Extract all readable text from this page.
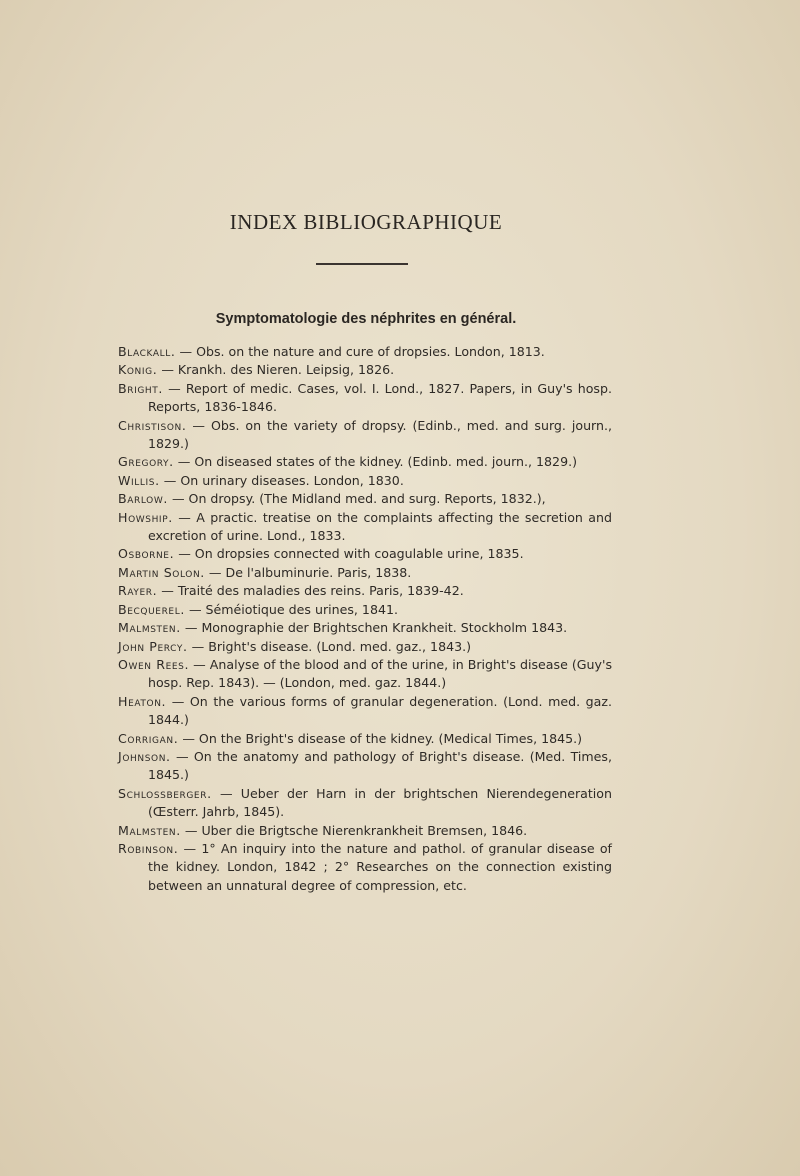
INDEX BIBLIOGRAPHIQUE
Symptomatologie des néphrites en général.
Blackall. — Obs. on the nature and cure of dropsies. London, 1813.
Konig. — Krankh. des Nieren. Leipsig, 1826.
Bright. — Report of medic. Cases, vol. I. Lond., 1827. Papers, in Guy's hosp. Reports, 1836-1846.
Christison. — Obs. on the variety of dropsy. (Edinb., med. and surg. journ., 1829.)
Gregory. — On diseased states of the kidney. (Edinb. med. journ., 1829.)
Willis. — On urinary diseases. London, 1830.
Barlow. — On dropsy. (The Midland med. and surg. Reports, 1832.),
Howship. — A practic. treatise on the complaints affecting the secretion and excretion of urine. Lond., 1833.
Osborne. — On dropsies connected with coagulable urine, 1835.
Martin Solon. — De l'albuminurie. Paris, 1838.
Rayer. — Traité des maladies des reins. Paris, 1839-42.
Becquerel. — Séméiotique des urines, 1841.
Malmsten. — Monographie der Brightschen Krankheit. Stockholm 1843.
John Percy. — Bright's disease. (Lond. med. gaz., 1843.)
Owen Rees. — Analyse of the blood and of the urine, in Bright's disease (Guy's hosp. Rep. 1843). — (London, med. gaz. 1844.)
Heaton. — On the various forms of granular degeneration. (Lond. med. gaz. 1844.)
Corrigan. — On the Bright's disease of the kidney. (Medical Times, 1845.)
Johnson. — On the anatomy and pathology of Bright's disease. (Med. Times, 1845.)
Schlossberger. — Ueber der Harn in der brightschen Nierendegeneration (Œsterr. Jahrb, 1845).
Malmsten. — Uber die Brigtsche Nierenkrankheit Bremsen, 1846.
Robinson. — 1° An inquiry into the nature and pathol. of granular disease of the kidney. London, 1842 ; 2° Researches on the connection existing between an unnatural degree of compression, etc.
